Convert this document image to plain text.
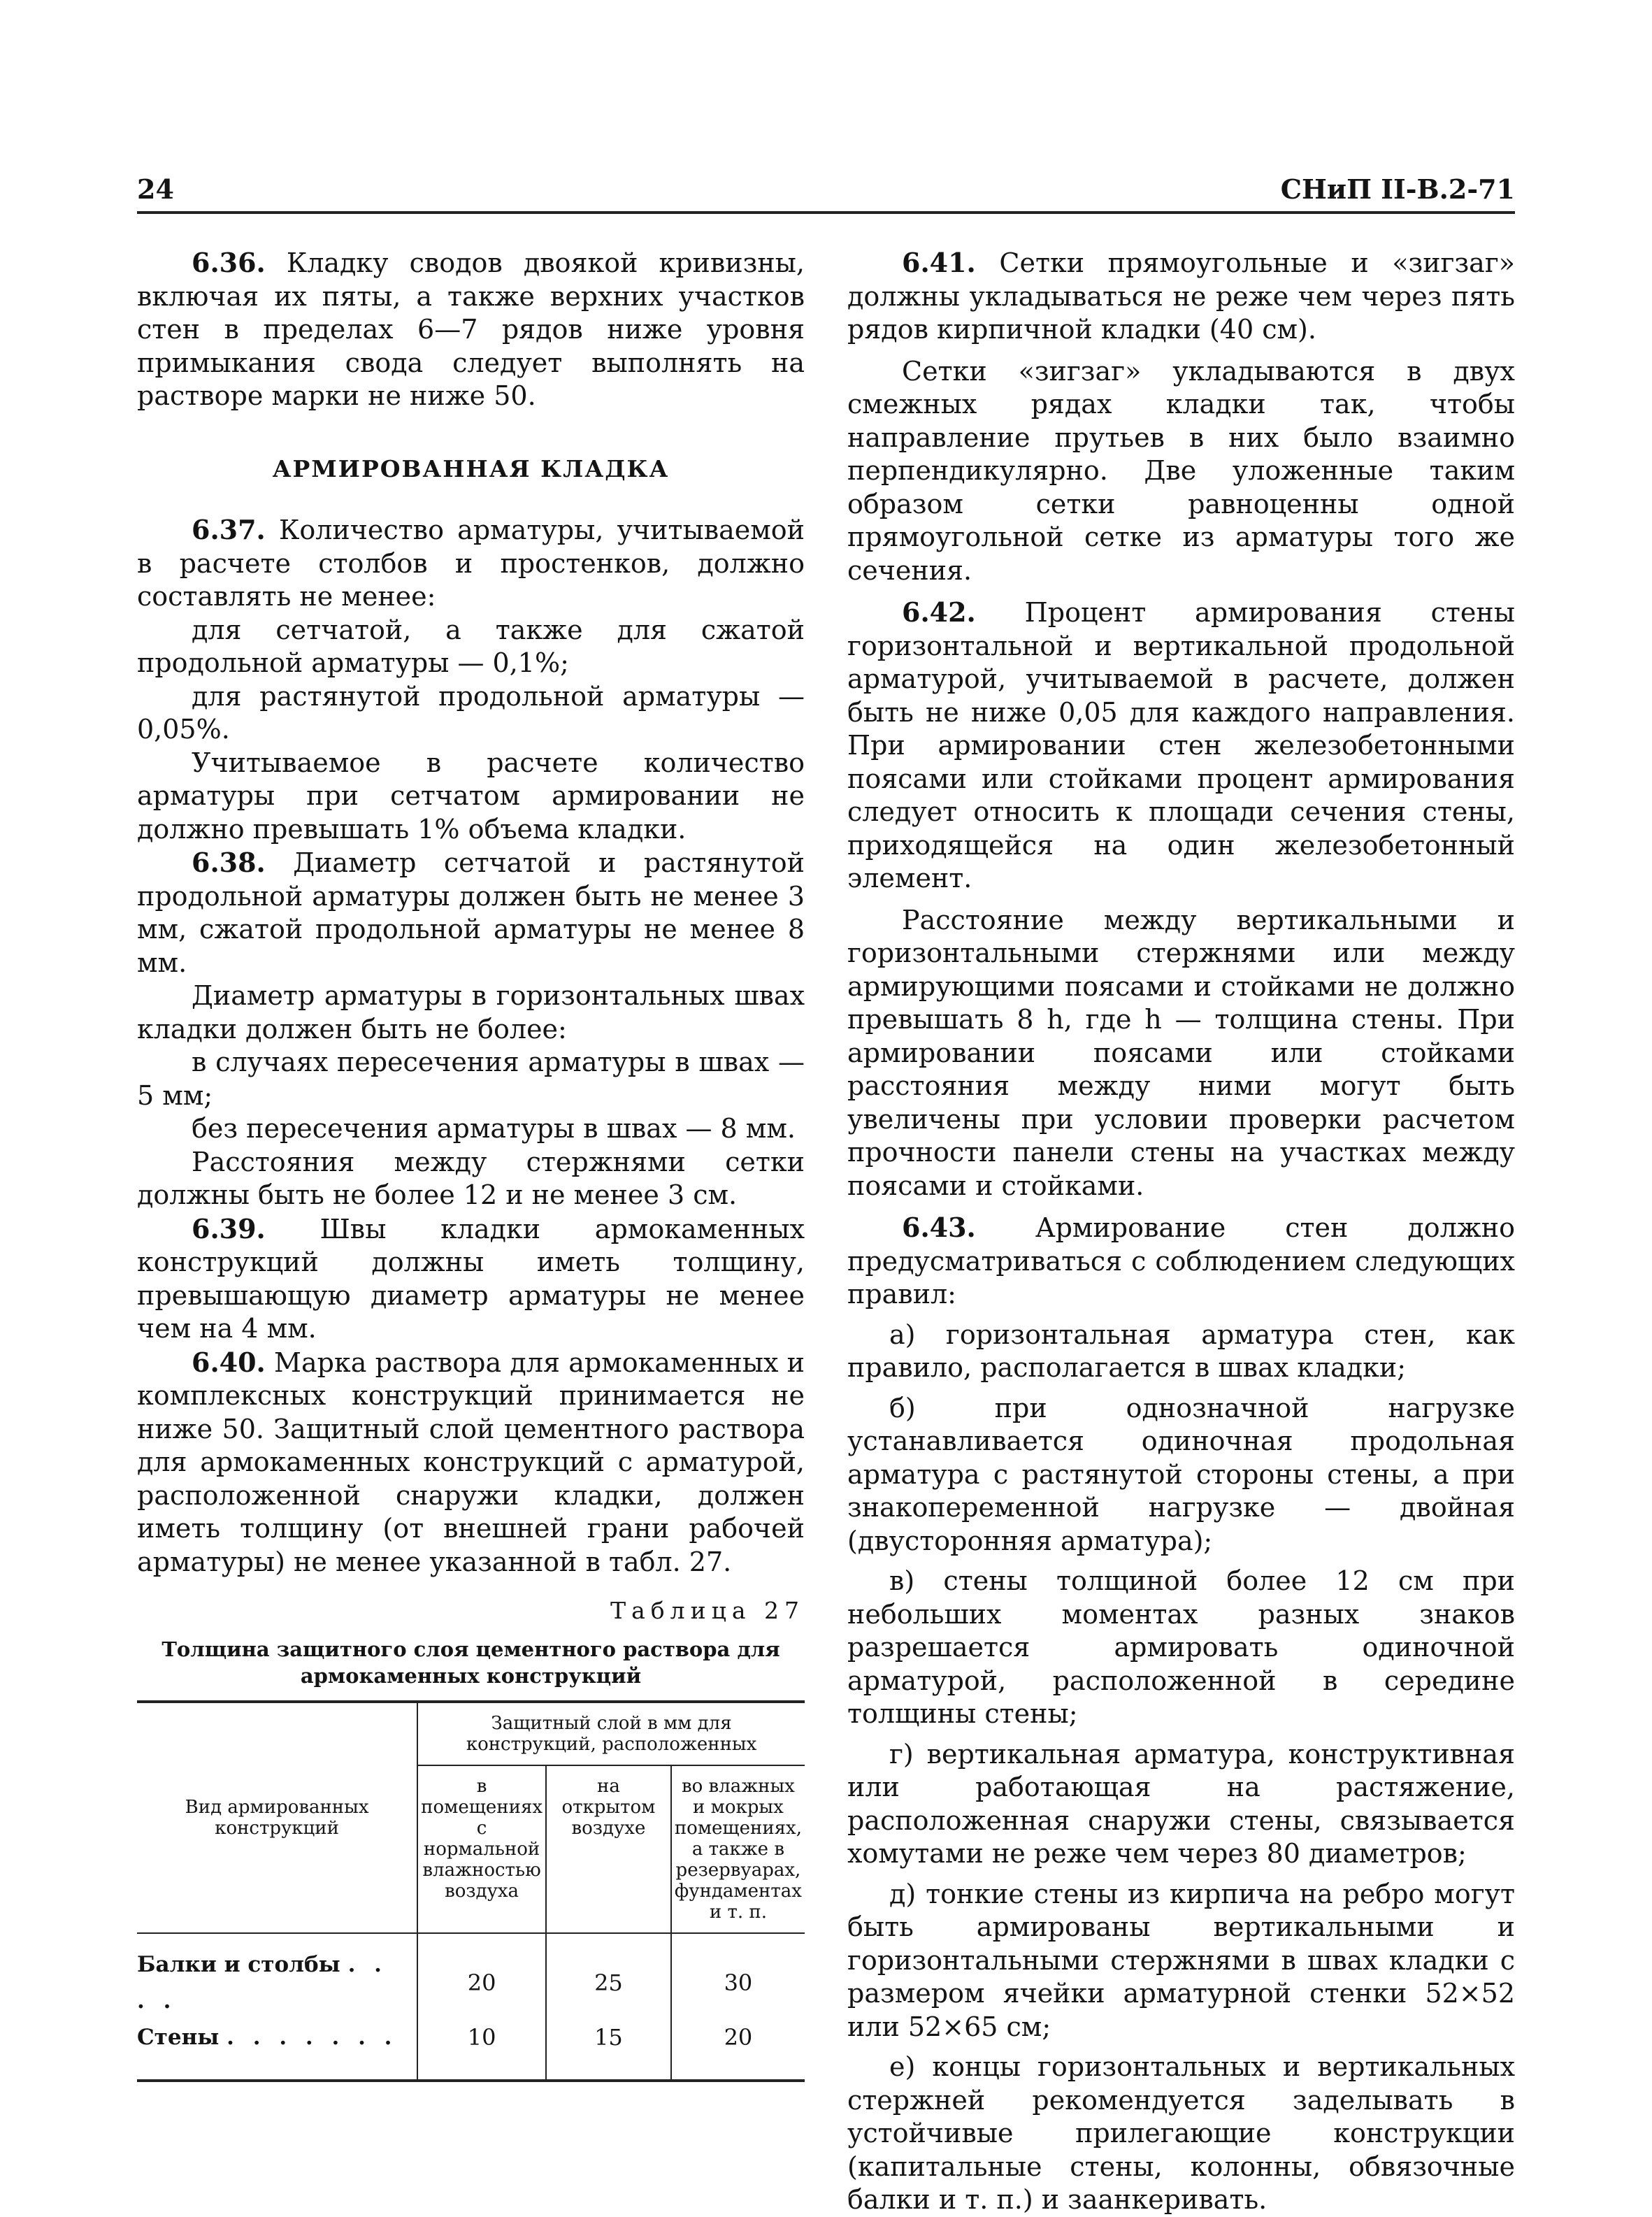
24	СНиП II-В.2-71

6.36. Кладку сводов двоякой кривизны, включая их пяты, а также верхних участков стен в пределах 6—7 рядов ниже уровня примыкания свода следует выполнять на растворе марки не ниже 50.

АРМИРОВАННАЯ КЛАДКА

6.37. Количество арматуры, учитываемой в расчете столбов и простенков, должно составлять не менее:

для сетчатой, а также для сжатой продольной арматуры — 0,1%;

для растянутой продольной арматуры — 0,05%.

Учитываемое в расчете количество арматуры при сетчатом армировании не должно превышать 1% объема кладки.

6.38. Диаметр сетчатой и растянутой продольной арматуры должен быть не менее 3 мм, сжатой продольной арматуры не менее 8 мм.

Диаметр арматуры в горизонтальных швах кладки должен быть не более:

в случаях пересечения арматуры в швах — 5 мм;

без пересечения арматуры в швах — 8 мм.

Расстояния между стержнями сетки должны быть не более 12 и не менее 3 см.

6.39. Швы кладки армокаменных конструкций должны иметь толщину, превышающую диаметр арматуры не менее чем на 4 мм.

6.40. Марка раствора для армокаменных и комплексных конструкций принимается не ниже 50. Защитный слой цементного раствора для армокаменных конструкций с арматурой, расположенной снаружи кладки, должен иметь толщину (от внешней грани рабочей арматуры) не менее указанной в табл. 27.

Таблица 27
Толщина защитного слоя цементного раствора для армокаменных конструкций
Вид армированных конструкций	Защитный слой в мм для конструкций, расположенных		
	в помещениях с нормальной влажностью воздуха	на открытом воздухе	во влажных и мокрых помещениях, а также в резервуарах, фундаментах и т. п.
Балки и столбы . . . .	20	25	30
Стены . . . . . . .	10	15	20

6.41. Сетки прямоугольные и «зигзаг» должны укладываться не реже чем через пять рядов кирпичной кладки (40 см).

Сетки «зигзаг» укладываются в двух смежных рядах кладки так, чтобы направление прутьев в них было взаимно перпендикулярно. Две уложенные таким образом сетки равноценны одной прямоугольной сетке из арматуры того же сечения.

6.42. Процент армирования стены горизонтальной и вертикальной продольной арматурой, учитываемой в расчете, должен быть не ниже 0,05 для каждого направления. При армировании стен железобетонными поясами или стойками процент армирования следует относить к площади сечения стены, приходящейся на один железобетонный элемент.

Расстояние между вертикальными и горизонтальными стержнями или между армирующими поясами и стойками не должно превышать 8 h, где h — толщина стены. При армировании поясами или стойками расстояния между ними могут быть увеличены при условии проверки расчетом прочности панели стены на участках между поясами и стойками.

6.43. Армирование стен должно предусматриваться с соблюдением следующих правил:

а) горизонтальная арматура стен, как правило, располагается в швах кладки;

б) при однозначной нагрузке устанавливается одиночная продольная арматура с растянутой стороны стены, а при знакопеременной нагрузке — двойная (двусторонняя арматура);

в) стены толщиной более 12 см при небольших моментах разных знаков разрешается армировать одиночной арматурой, расположенной в середине толщины стены;

г) вертикальная арматура, конструктивная или работающая на растяжение, расположенная снаружи стены, связывается хомутами не реже чем через 80 диаметров;

д) тонкие стены из кирпича на ребро могут быть армированы вертикальными и горизонтальными стержнями в швах кладки с размером ячейки арматурной стенки 52×52 или 52×65 см;

е) концы горизонтальных и вертикальных стержней рекомендуется заделывать в устойчивые прилегающие конструкции (капитальные стены, колонны, обвязочные балки и т. п.) и заанкеривать.
